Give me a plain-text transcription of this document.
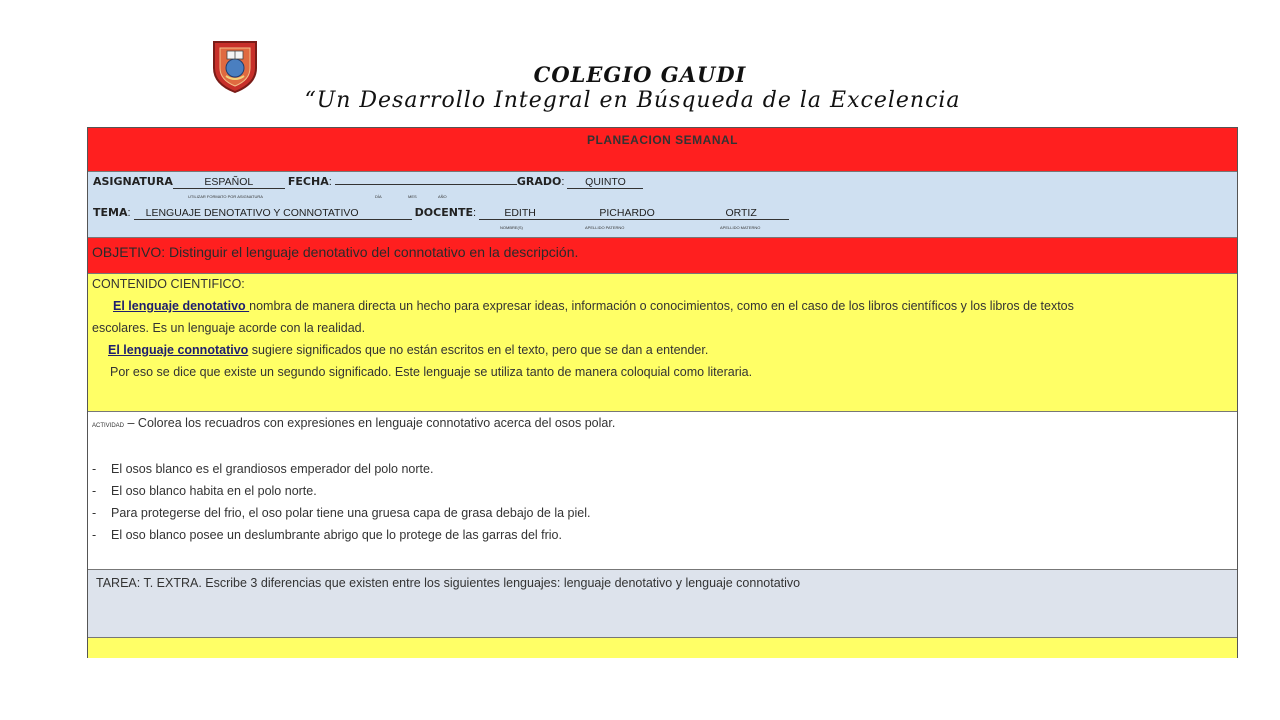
COLEGIO GAUDI
“Un Desarrollo Integral en Búsqueda de la Excelencia
PLANEACION SEMANAL
ASIGNATURA	ESPAÑOL	FECHA:	GRADO: QUINTO
UTILIZAR FORMATO POR ASIGNATURA	DÍA	MES	AÑO
TEMA: LENGUAJE DENOTATIVO Y CONNOTATIVO	DOCENTE: EDITH	PICHARDO	ORTIZ
NOMBRE(S)	APELLIDO PATERNO	APELLIDO MATERNO
OBJETIVO: Distinguir el lenguaje denotativo del connotativo en la descripción.
CONTENIDO CIENTIFICO:
El lenguaje denotativo nombra de manera directa un hecho para expresar ideas, información o conocimientos, como en el caso de los libros científicos y los libros de textos
escolares. Es un lenguaje acorde con la realidad.
El lenguaje connotativo sugiere significados que no están escritos en el texto, pero que se dan a entender.
Por eso se dice que existe un segundo significado. Este lenguaje se utiliza tanto de manera coloquial como literaria.
ACTIVIDAD – Colorea los recuadros con expresiones en lenguaje connotativo acerca del osos polar.
- El osos blanco es el grandiosos emperador del polo norte.
- El oso blanco habita en el polo norte.
- Para protegerse del frio, el oso polar tiene una gruesa capa de grasa debajo de la piel.
- El oso blanco posee un deslumbrante abrigo que lo protege de las garras del frio.
TAREA: T. EXTRA. Escribe 3 diferencias que existen entre los siguientes lenguajes: lenguaje denotativo y lenguaje connotativo
